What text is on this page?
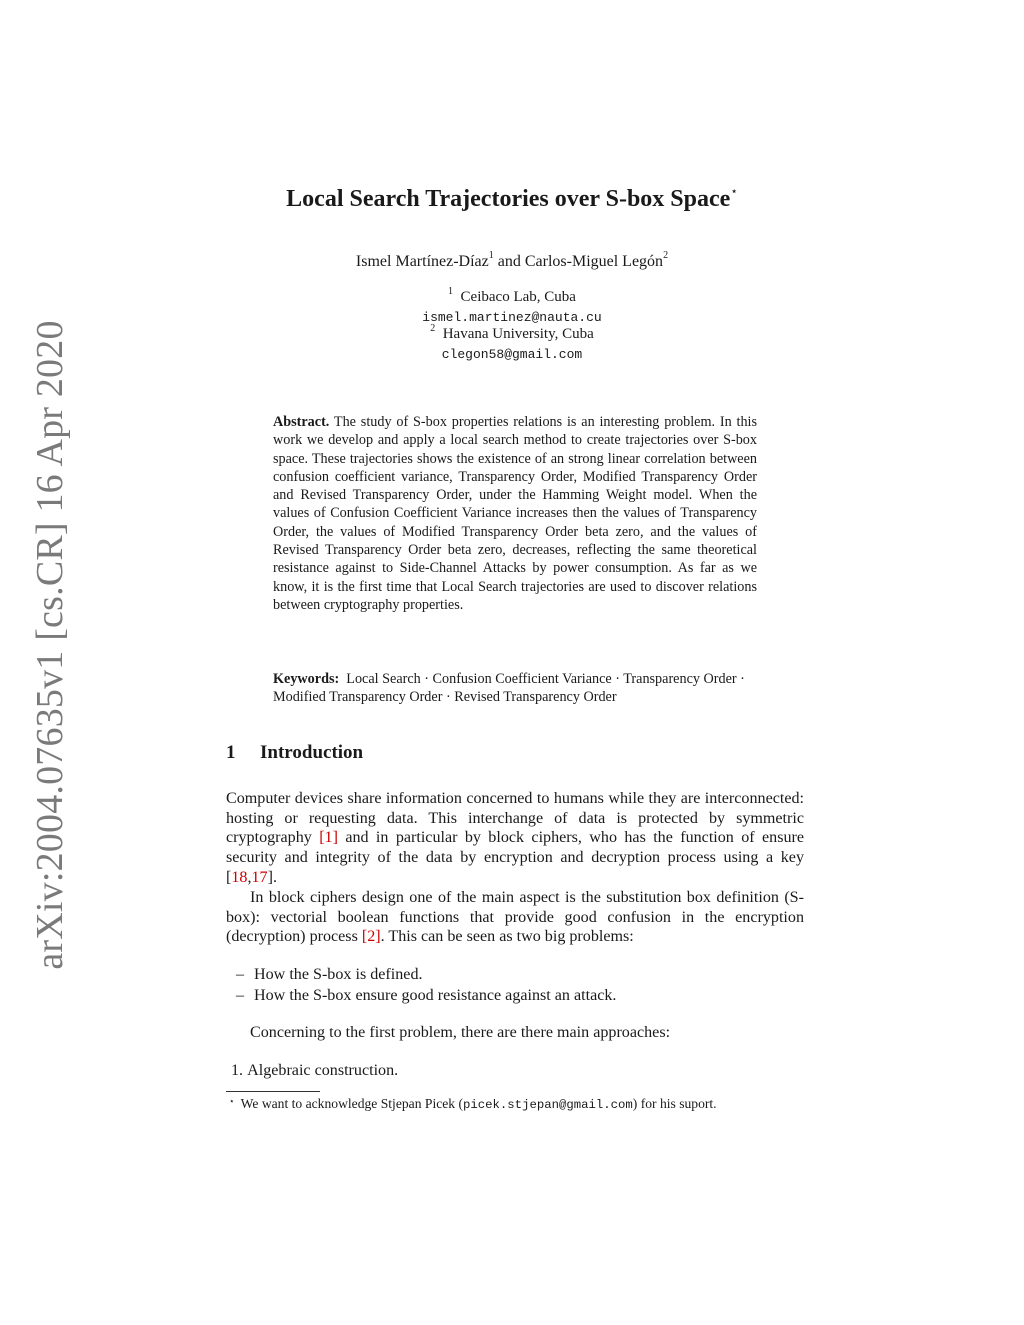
arXiv:2004.07635v1 [cs.CR] 16 Apr 2020
Local Search Trajectories over S-box Space⋆
Ismel Martínez-Díaz$^1$ and Carlos-Miguel Legón$^2$
$^1$ Ceibaco Lab, Cuba
ismel.martinez@nauta.cu
$^2$ Havana University, Cuba
clegon58@gmail.com
Abstract. The study of S-box properties relations is an interesting problem. In this work we develop and apply a local search method to create trajectories over S-box space. These trajectories shows the existence of an strong linear correlation between confusion coefficient variance, Transparency Order, Modified Transparency Order and Revised Transparency Order, under the Hamming Weight model. When the values of Confusion Coefficient Variance increases then the values of Transparency Order, the values of Modified Transparency Order beta zero, and the values of Revised Transparency Order beta zero, decreases, reflecting the same theoretical resistance against to Side-Channel Attacks by power consumption. As far as we know, it is the first time that Local Search trajectories are used to discover relations between cryptography properties.
Keywords: Local Search · Confusion Coefficient Variance · Transparency Order · Modified Transparency Order · Revised Transparency Order
1 Introduction

Computer devices share information concerned to humans while they are interconnected: hosting or requesting data. This interchange of data is protected by symmetric cryptography [1] and in particular by block ciphers, who has the function of ensure security and integrity of the data by encryption and decryption process using a key [18,17].

In block ciphers design one of the main aspect is the substitution box definition (S-box): vectorial boolean functions that provide good confusion in the encryption (decryption) process [2]. This can be seen as two big problems:

– How the S-box is defined.
– How the S-box ensure good resistance against an attack.
Concerning to the first problem, there are there main approaches:
1. Algebraic construction.
⋆ We want to acknowledge Stjepan Picek (picek.stjepan@gmail.com) for his suport.
